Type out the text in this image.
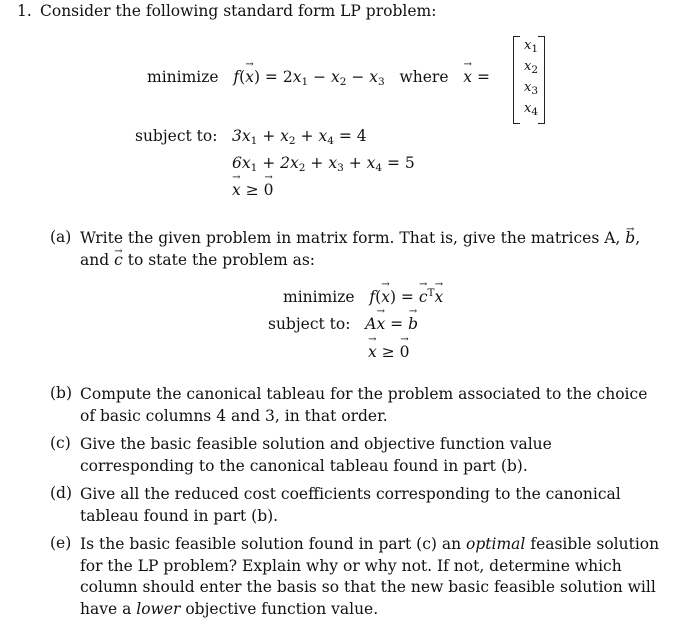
1. Consider the following standard form LP problem:
minimize f(x →) = $2x_1 - x_2 - x_3$ where x → =
$x_1$
$x_2$
$x_3$
$x_4$
subject to: $3x_1 + x_2 + x_4 = 4$
$6x_1 + 2x_2 + x_3 + x_4 = 5$
x → ≥ 0 →
(a) Write the given problem in matrix form. That is, give the matrices A, b →,
and c → to state the problem as:
minimize f(x →) = c →$^T$x →
subject to: Ax → = b →
x → ≥ 0 →
(b) Compute the canonical tableau for the problem associated to the choice
of basic columns 4 and 3, in that order.
(c) Give the basic feasible solution and objective function value
corresponding to the canonical tableau found in part (b).
(d) Give all the reduced cost coefficients corresponding to the canonical
tableau found in part (b).
(e) Is the basic feasible solution found in part (c) an optimal feasible solution
for the LP problem? Explain why or why not. If not, determine which
column should enter the basis so that the new basic feasible solution will
have a lower objective function value.
